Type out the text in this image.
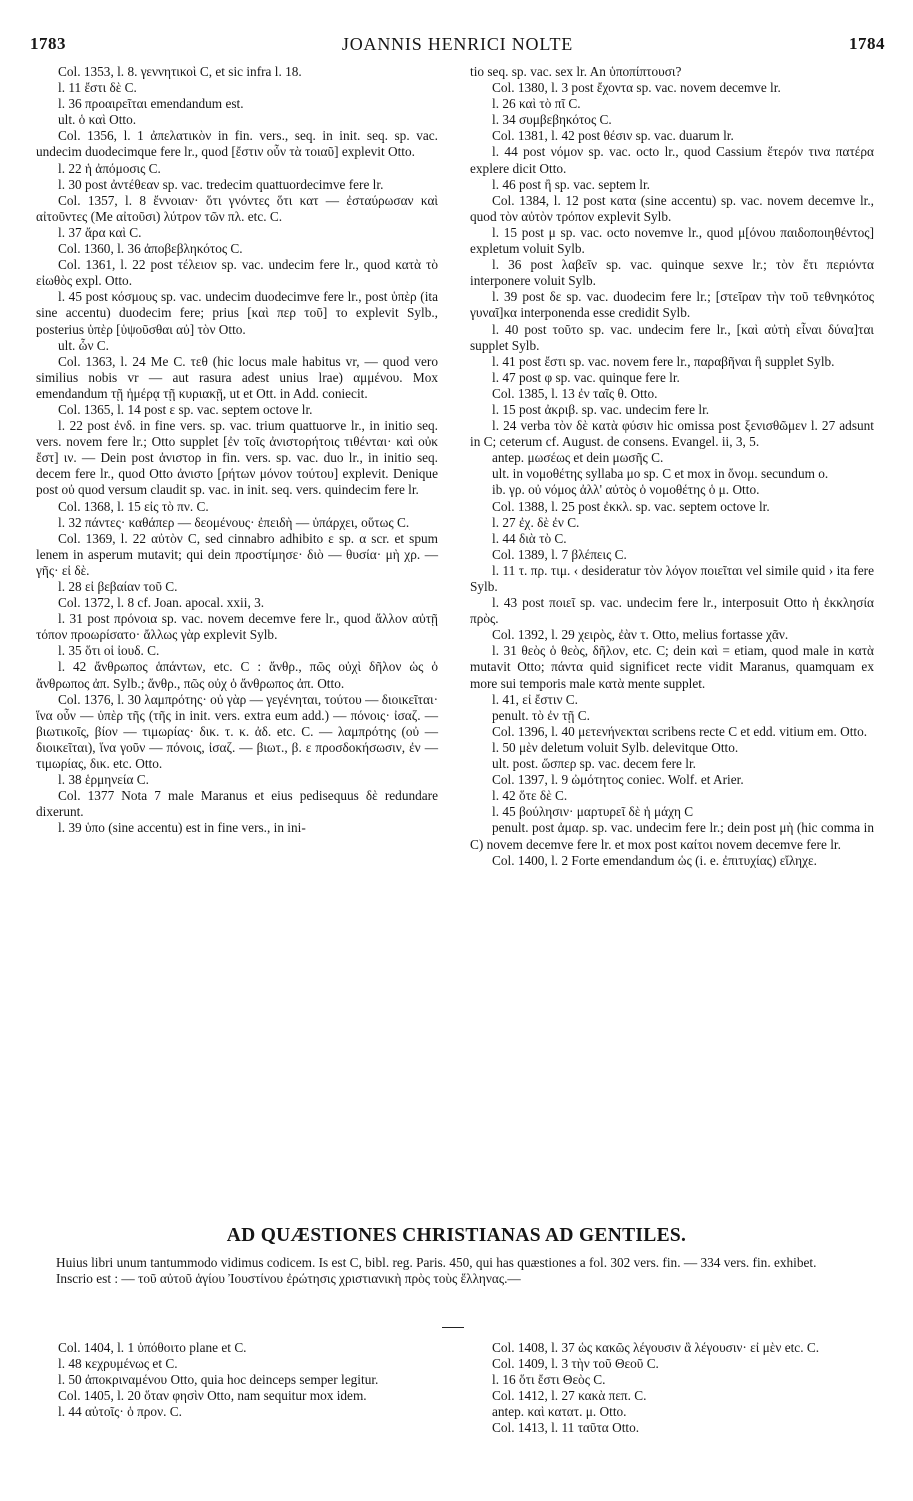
1783	JOANNIS HENRICI NOLTE	1784

Col. 1353, l. 8. γεννητικοὶ C, et sic infra l. 18.

l. 11 ἔστι δὲ C.

l. 36 προαιρεῖται emendandum est.

ult. ὁ καὶ Otto.

Col. 1356, l. 1 ἀπελατικὸν in fin. vers., seq. in init. seq. sp. vac. undecim duodecimque fere lr., quod [ἔστιν οὖν τὰ τοιαῦ] explevit Otto.

l. 22 ἡ ἀπόμοσις C.

l. 30 post ἀντέθεαν sp. vac. tredecim quattuordecimve fere lr.

Col. 1357, l. 8 ἔννοιαν· ὅτι γνόντες ὅτι κατ — ἐσταύρωσαν καὶ αἰτοῦντες (Me αἰτοῦσι) λύτρον τῶν πλ. etc. C.

l. 37 ἄρα καὶ C.

Col. 1360, l. 36 ἀποβεβληκότος C.

Col. 1361, l. 22 post τέλειον sp. vac. undecim fere lr., quod κατὰ τὸ εἰωθὸς expl. Otto.

l. 45 post κόσμους sp. vac. undecim duodecimve fere lr., post ὑπὲρ (ita sine accentu) duodecim fere; prius [καὶ περ τοῦ] το explevit Sylb., posterius ὑπὲρ [ὑψοῦσθαι αὐ] τὸν Otto.

ult. ὧν C.

Col. 1363, l. 24 Me C. τεθ (hic locus male habitus vr, — quod vero similius nobis vr — aut rasura adest unius lrae) αμμένου. Mox emendandum τῇ ἡμέρᾳ τῇ κυριακῇ, ut et Ott. in Add. coniecit.

Col. 1365, l. 14 post ε sp. vac. septem octove lr.

l. 22 post ἐνδ. in fine vers. sp. vac. trium quattuorve lr., in initio seq. vers. novem fere lr.; Otto supplet [ἐν τοῖς ἀνιστορήτοις τιθένται· καὶ οὐκ ἔστ] ιν. — Dein post ἀνιστορ in fin. vers. sp. vac. duo lr., in initio seq. decem fere lr., quod Otto ἀνιστο [ρήτων μόνον τούτου] explevit. Denique post οὐ quod versum claudit sp. vac. in init. seq. vers. quindecim fere lr.

Col. 1368, l. 15 εἰς τὸ πν. C.

l. 32 πάντες· καθάπερ — δεομένους· ἐπειδὴ — ὑπάρχει, οὕτως C.

Col. 1369, l. 22 αὐτὸν C, sed cinnabro adhibito ε sp. α scr. et spum lenem in asperum mutavit; qui dein προστίμησε· διὸ — θυσία· μὴ χρ. — γῆς· εἰ δὲ.

l. 28 εἰ βεβαίαν τοῦ C.

Col. 1372, l. 8 cf. Joan. apocal. xxii, 3.

l. 31 post πρόνοια sp. vac. novem decemve fere lr., quod ἄλλον αὐτῇ τόπον προωρίσατο· ἄλλως γὰρ explevit Sylb.

l. 35 ὅτι οἱ ἰουδ. C.

l. 42 ἄνθρωπος ἁπάντων, etc. C : ἄνθρ., πῶς οὐχὶ δῆλον ὡς ὁ ἄνθρωπος ἀπ. Sylb.; ἄνθρ., πῶς οὐχ ὁ ἄνθρωπος ἀπ. Otto.

Col. 1376, l. 30 λαμπρότης· οὐ γὰρ — γεγένηται, τούτου — διοικεῖται· ἵνα οὖν — ὑπὲρ τῆς (τῆς in init. vers. extra eum add.) — πόνοις· ἰσαζ. — βιωτικοῖς, βίον — τιμωρίας· δικ. τ. κ. ἀδ. etc. C. — λαμπρότης (οὐ — διοικεῖται), ἵνα γοῦν — πόνοις, ἰσαζ. — βιωτ., β. ε προσδοκήσωσιν, ἐν — τιμωρίας, δικ. etc. Otto.

l. 38 ἑρμηνεία C.

Col. 1377 Nota 7 male Maranus et eius pedisequus δὲ redundare dixerunt.

l. 39 ὑπο (sine accentu) est in fine vers., in ini-

tio seq. sp. vac. sex lr. An ὑποπίπτουσι?

Col. 1380, l. 3 post ἔχοντα sp. vac. novem decemve lr.

l. 26 καὶ τὸ πῖ C.

l. 34 συμβεβηκότος C.

Col. 1381, l. 42 post θέσιν sp. vac. duarum lr.

l. 44 post νόμον sp. vac. octo lr., quod Cassium ἕτερόν τινα πατέρα explere dicit Otto.

l. 46 post ἢ sp. vac. septem lr.

Col. 1384, l. 12 post κατα (sine accentu) sp. vac. novem decemve lr., quod τὸν αὐτὸν τρόπον explevit Sylb.

l. 15 post μ sp. vac. octo novemve lr., quod μ[όνου παιδοποιηθέντος] expletum voluit Sylb.

l. 36 post λαβεῖν sp. vac. quinque sexve lr.; τὸν ἔτι περιόντα interponere voluit Sylb.

l. 39 post δε sp. vac. duodecim fere lr.; [στεῖραν τὴν τοῦ τεθνηκότος γυναῖ]κα interponenda esse credidit Sylb.

l. 40 post τοῦτο sp. vac. undecim fere lr., [καὶ αὐτὴ εἶναι δύνα]ται supplet Sylb.

l. 41 post ἔστι sp. vac. novem fere lr., παραβῆναι ἢ supplet Sylb.

l. 47 post φ sp. vac. quinque fere lr.

Col. 1385, l. 13 ἐν ταῖς θ. Otto.

l. 15 post ἀκριβ. sp. vac. undecim fere lr.

l. 24 verba τὸν δὲ κατὰ φύσιν hic omissa post ξενισθῶμεν l. 27 adsunt in C; ceterum cf. August. de consens. Evangel. ii, 3, 5.

antep. μωσέως et dein μωσῆς C.

ult. in νομοθέτης syllaba μο sp. C et mox in ὄνομ. secundum ο.

ib. γρ. οὐ νόμος ἀλλ' αὐτὸς ὁ νομοθέτης ὁ μ. Otto.

Col. 1388, l. 25 post ἐκκλ. sp. vac. septem octove lr.

l. 27 ἐχ. δὲ ἐν C.

l. 44 διὰ τὸ C.

Col. 1389, l. 7 βλέπεις C.

l. 11 τ. πρ. τιμ. ‹ desideratur τὸν λόγον ποιεῖται vel simile quid › ita fere Sylb.

l. 43 post ποιεῖ sp. vac. undecim fere lr., interposuit Otto ἡ ἐκκλησία πρὸς.

Col. 1392, l. 29 χειρὸς, ἐὰν τ. Otto, melius fortasse χᾶν.

l. 31 θεὸς ὁ θεὸς, δῆλον, etc. C; dein καὶ = etiam, quod male in κατὰ mutavit Otto; πάντα quid significet recte vidit Maranus, quamquam ex more sui temporis male κατὰ mente supplet.

l. 41, εἰ ἔστιν C.

penult. τὸ ἐν τῇ C.

Col. 1396, l. 40 μετενήνεκται scribens recte C et edd. vitium em. Otto.

l. 50 μὲν deletum voluit Sylb. delevitque Otto.

ult. post. ὥσπερ sp. vac. decem fere lr.

Col. 1397, l. 9 ὠμότητος coniec. Wolf. et Arier.

l. 42 ὅτε δὲ C.

l. 45 βούλησιν· μαρτυρεῖ δὲ ἡ μάχη C

penult. post ἀμαρ. sp. vac. undecim fere lr.; dein post μὴ (hic comma in C) novem decemve fere lr. et mox post καίτοι novem decemve fere lr.

Col. 1400, l. 2 Forte emendandum ὡς (i. e. ἐπιτυχίας) εἴληχε.

AD QUÆSTIONES CHRISTIANAS AD GENTILES.

Huius libri unum tantummodo vidimus codicem. Is est C, bibl. reg. Paris. 450, qui has quæstiones a fol. 302 vers. fin. — 334 vers. fin. exhibet.

Inscrio est : — τοῦ αὐτοῦ ἁγίου Ἰουστίνου ἐρώτησις χριστιανικὴ πρὸς τοὺς ἕλληνας.—

Col. 1404, l. 1 ὑπόθοιτο plane et C.

l. 48 κεχρυμένως et C.

l. 50 ἀποκριναμένου Otto, quia hoc deinceps semper legitur.

Col. 1405, l. 20 ὅταν φησὶν Otto, nam sequitur mox idem.

l. 44 αὐτοῖς· ὁ προν. C.

Col. 1408, l. 37 ὡς κακῶς λέγουσιν ἃ λέγουσιν· εἰ μὲν etc. C.

Col. 1409, l. 3 τὴν τοῦ Θεοῦ C.

l. 16 ὅτι ἔστι Θεὸς C.

Col. 1412, l. 27 κακὰ πεπ. C.

antep. καὶ κατατ. μ. Otto.

Col. 1413, l. 11 ταῦτα Otto.
